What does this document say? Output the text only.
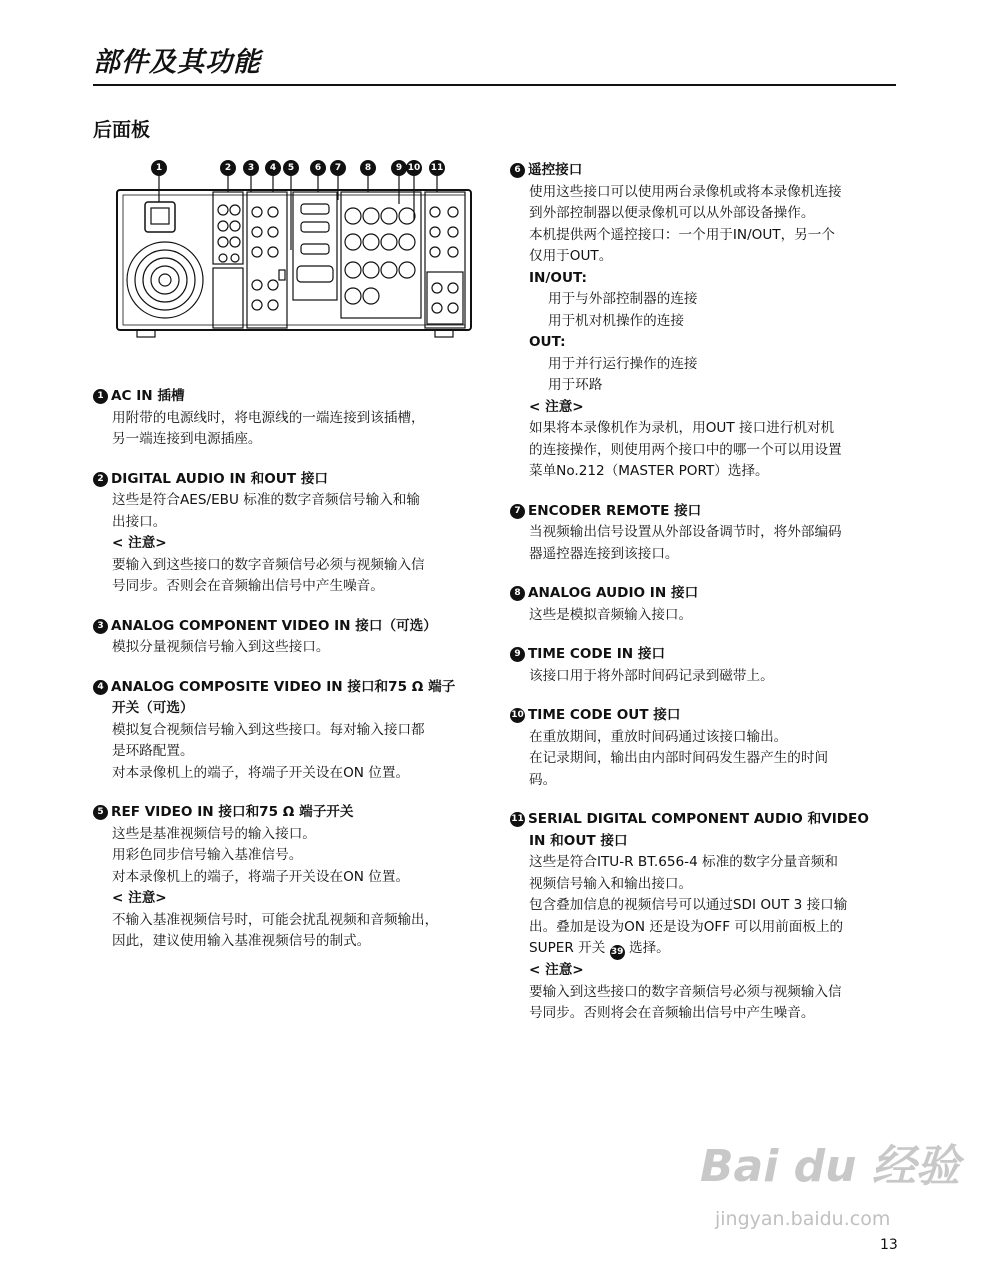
部件及其功能
后面板
1	2	3	4	5	6	7	8	9 10 11
1 AC IN 插槽

用附带的电源线时，将电源线的一端连接到该插槽，

另一端连接到电源插座。

2 DIGITAL AUDIO IN 和OUT 接口

这些是符合AES/EBU 标准的数字音频信号输入和输

出接口。

< 注意>

要输入到这些接口的数字音频信号必须与视频输入信

号同步。否则会在音频输出信号中产生噪音。

3 ANALOG COMPONENT VIDEO IN 接口（可选）

模拟分量视频信号输入到这些接口。

4 ANALOG COMPOSITE VIDEO IN 接口和75 Ω 端子

开关（可选）

模拟复合视频信号输入到这些接口。每对输入接口都

是环路配置。

对本录像机上的端子，将端子开关设在ON 位置。

5 REF VIDEO IN 接口和75 Ω 端子开关

这些是基准视频信号的输入接口。

用彩色同步信号输入基准信号。

对本录像机上的端子，将端子开关设在ON 位置。

< 注意>

不输入基准视频信号时，可能会扰乱视频和音频输出，

因此，建议使用输入基准视频信号的制式。

6 遥控接口

使用这些接口可以使用两台录像机或将本录像机连接

到外部控制器以便录像机可以从外部设备操作。

本机提供两个遥控接口：一个用于IN/OUT，另一个

仅用于OUT。

IN/OUT:

用于与外部控制器的连接

用于机对机操作的连接

OUT:

用于并行运行操作的连接

用于环路

< 注意>

如果将本录像机作为录机，用OUT 接口进行机对机

的连接操作，则使用两个接口中的哪一个可以用设置

菜单No.212（MASTER PORT）选择。

7 ENCODER REMOTE 接口

当视频输出信号设置从外部设备调节时，将外部编码

器遥控器连接到该接口。

8 ANALOG AUDIO IN 接口

这些是模拟音频输入接口。

9 TIME CODE IN 接口

该接口用于将外部时间码记录到磁带上。

10 TIME CODE OUT 接口

在重放期间，重放时间码通过该接口输出。

在记录期间，输出由内部时间码发生器产生的时间

码。

11 SERIAL DIGITAL COMPONENT AUDIO 和VIDEO

IN 和OUT 接口

这些是符合ITU-R BT.656-4 标准的数字分量音频和

视频信号输入和输出接口。

包含叠加信息的视频信号可以通过SDI OUT 3 接口输

出。叠加是设为ON 还是设为OFF 可以用前面板上的

SUPER 开关 39 选择。

< 注意>

要输入到这些接口的数字音频信号必须与视频输入信

号同步。否则将会在音频输出信号中产生噪音。

Bai du 经验
jingyan.baidu.com
13
